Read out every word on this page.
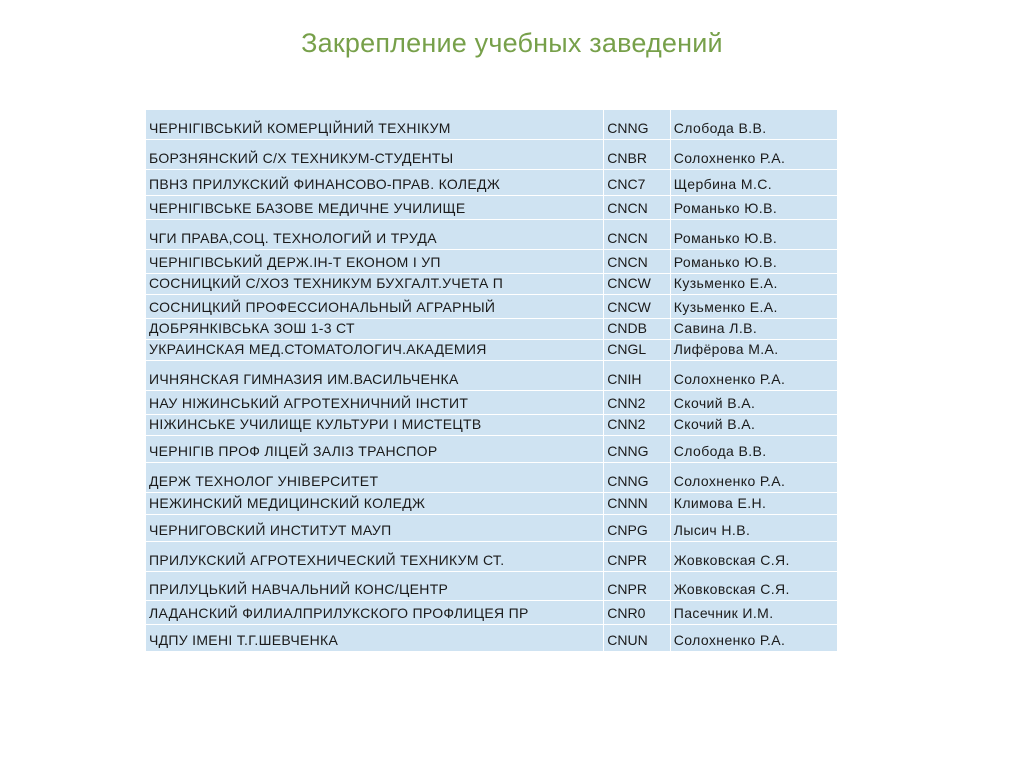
Закрепление учебных заведений
ЧЕРНІГІВСЬКИЙ КОМЕРЦІЙНИЙ ТЕХНІКУМ	CNNG	Слобода В.В.
БОРЗНЯНСКИЙ С/Х ТЕХНИКУМ-СТУДЕНТЫ	CNBR	Солохненко Р.А.
ПВНЗ ПРИЛУКСКИЙ ФИНАНСОВО-ПРАВ. КОЛЕДЖ	CNC7	Щербина М.С.
ЧЕРНІГІВСЬКЕ БАЗОВЕ МЕДИЧНЕ УЧИЛИЩЕ	CNCN	Романько Ю.В.
ЧГИ ПРАВА,СОЦ. ТЕХНОЛОГИЙ И ТРУДА	CNCN	Романько Ю.В.
ЧЕРНІГІВСЬКИЙ ДЕРЖ.ІН-Т ЕКОНОМ І УП	CNCN	Романько Ю.В.
СОСНИЦКИЙ С/ХОЗ ТЕХНИКУМ БУХГАЛТ.УЧЕТА П	CNCW	Кузьменко Е.А.
СОСНИЦКИЙ ПРОФЕССИОНАЛЬНЫЙ АГРАРНЫЙ	CNCW	Кузьменко Е.А.
ДОБРЯНКІВСЬКА ЗОШ 1-3 СТ	CNDB	Савина Л.В.
УКРАИНСКАЯ МЕД.СТОМАТОЛОГИЧ.АКАДЕМИЯ	CNGL	Лифёрова М.А.
ИЧНЯНСКАЯ ГИМНАЗИЯ ИМ.ВАСИЛЬЧЕНКА	CNIH	Солохненко Р.А.
НАУ НІЖИНСЬКИЙ АГРОТЕХНИЧНИЙ ІНСТИТ	CNN2	Скочий В.А.
НІЖИНСЬКЕ УЧИЛИЩЕ КУЛЬТУРИ І МИСТЕЦТВ	CNN2	Скочий В.А.
ЧЕРНІГІВ ПРОФ ЛІЦЕЙ ЗАЛІЗ ТРАНСПОР	CNNG	Слобода В.В.
ДЕРЖ ТЕХНОЛОГ УНІВЕРСИТЕТ	CNNG	Солохненко Р.А.
НЕЖИНСКИЙ МЕДИЦИНСКИЙ КОЛЕДЖ	CNNN	Климова Е.Н.
ЧЕРНИГОВСКИЙ ИНСТИТУТ МАУП	CNPG	Лысич Н.В.
ПРИЛУКСКИЙ АГРОТЕХНИЧЕСКИЙ ТЕХНИКУМ СТ.	CNPR	Жовковская С.Я.
ПРИЛУЦЬКИЙ НАВЧАЛЬНИЙ КОНС/ЦЕНТР	CNPR	Жовковская С.Я.
ЛАДАНСКИЙ ФИЛИАЛПРИЛУКСКОГО ПРОФЛИЦЕЯ ПР	CNR0	Пасечник И.М.
ЧДПУ ІМЕНІ Т.Г.ШЕВЧЕНКА	CNUN	Солохненко Р.А.
